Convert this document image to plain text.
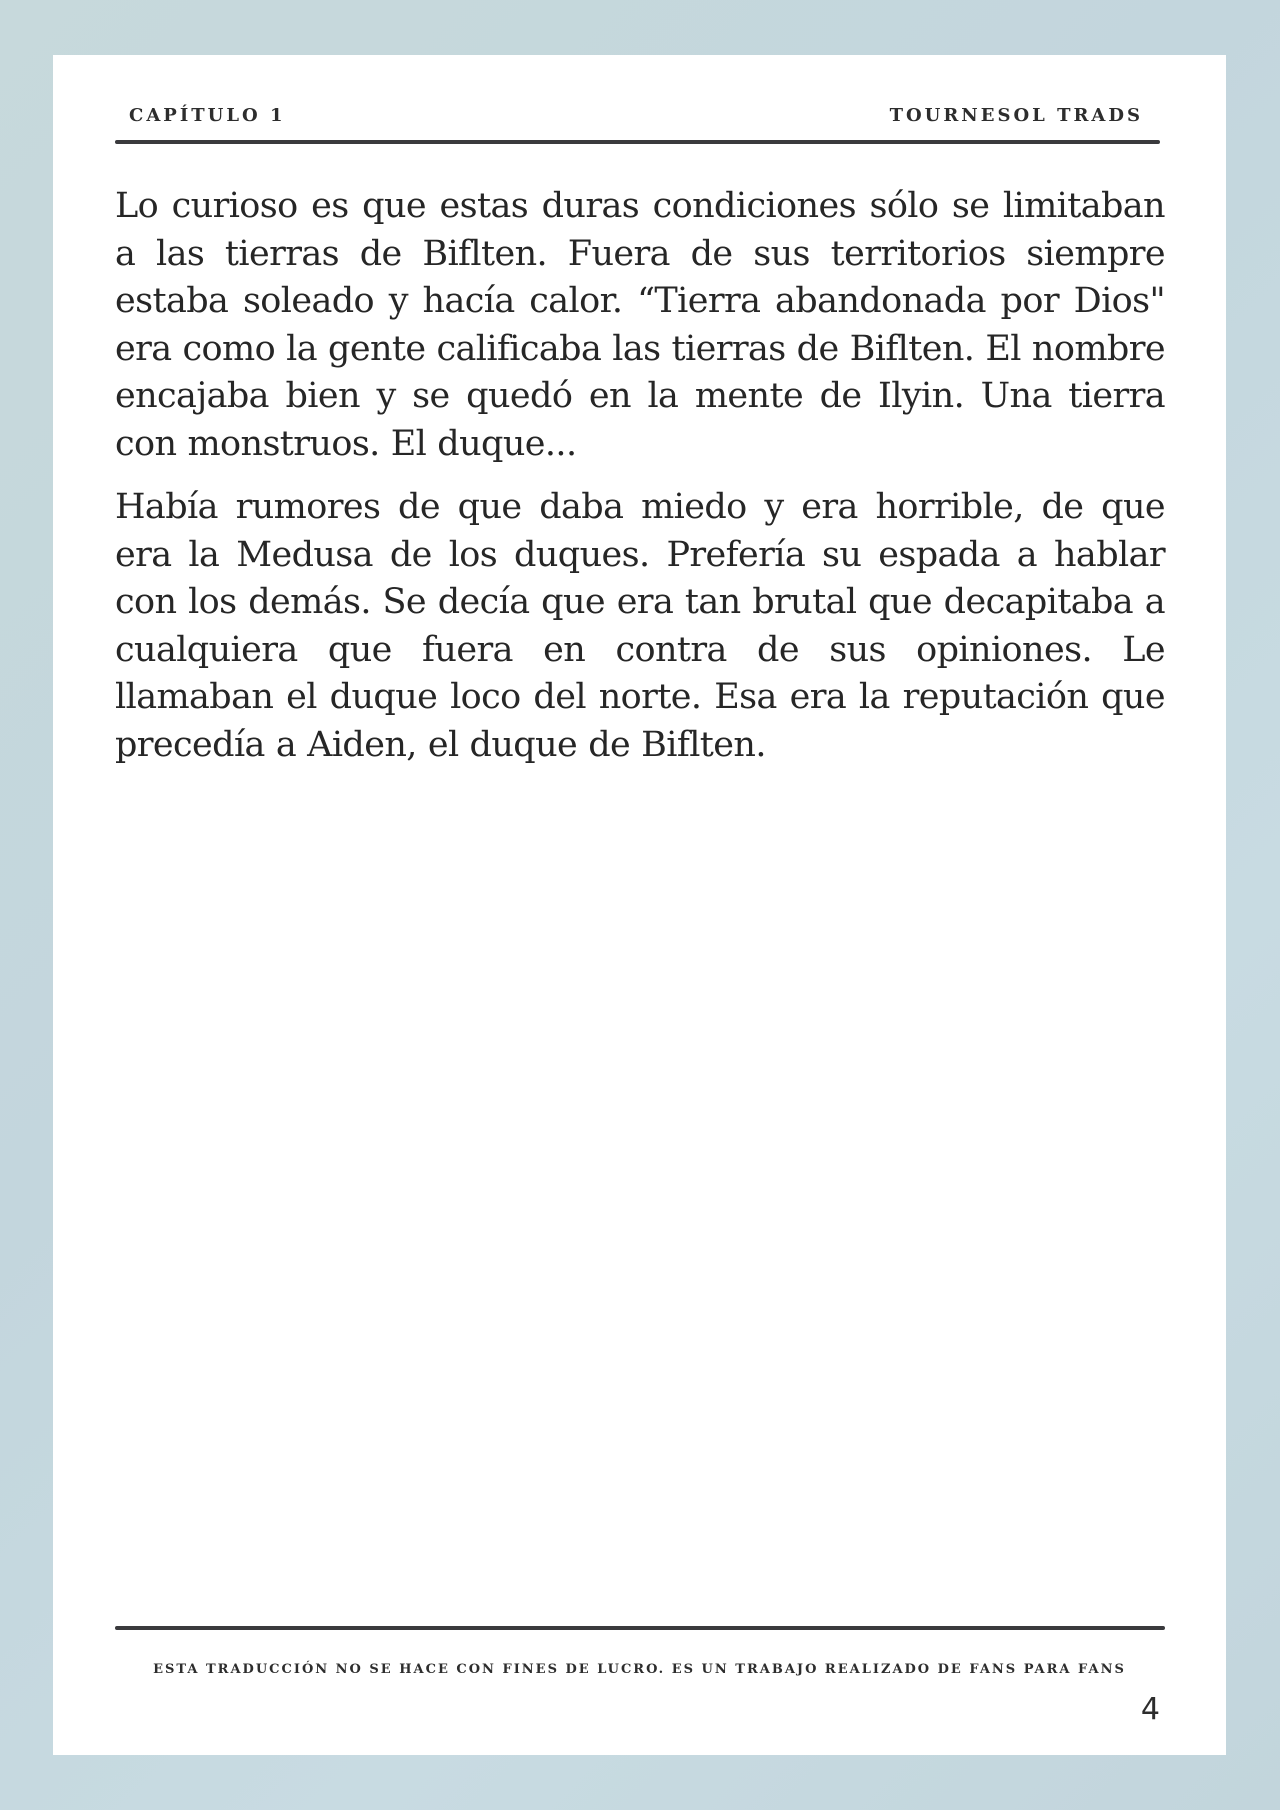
CAPÍTULO 1	TOURNESOL TRADS

Lo curioso es que estas duras condiciones sólo se limitaban a las tierras de Biflten. Fuera de sus territorios siempre estaba soleado y hacía calor. “Tierra abandonada por Dios" era como la gente calificaba las tierras de Biflten. El nombre encajaba bien y se quedó en la mente de Ilyin. Una tierra con monstruos. El duque...

Había rumores de que daba miedo y era horrible, de que era la Medusa de los duques. Prefería su espada a hablar con los demás. Se decía que era tan brutal que decapitaba a cualquiera que fuera en contra de sus opiniones. Le llamaban el duque loco del norte. Esa era la reputación que precedía a Aiden, el duque de Biflten.

ESTA TRADUCCIÓN NO SE HACE CON FINES DE LUCRO. ES UN TRABAJO REALIZADO DE FANS PARA FANS
4
